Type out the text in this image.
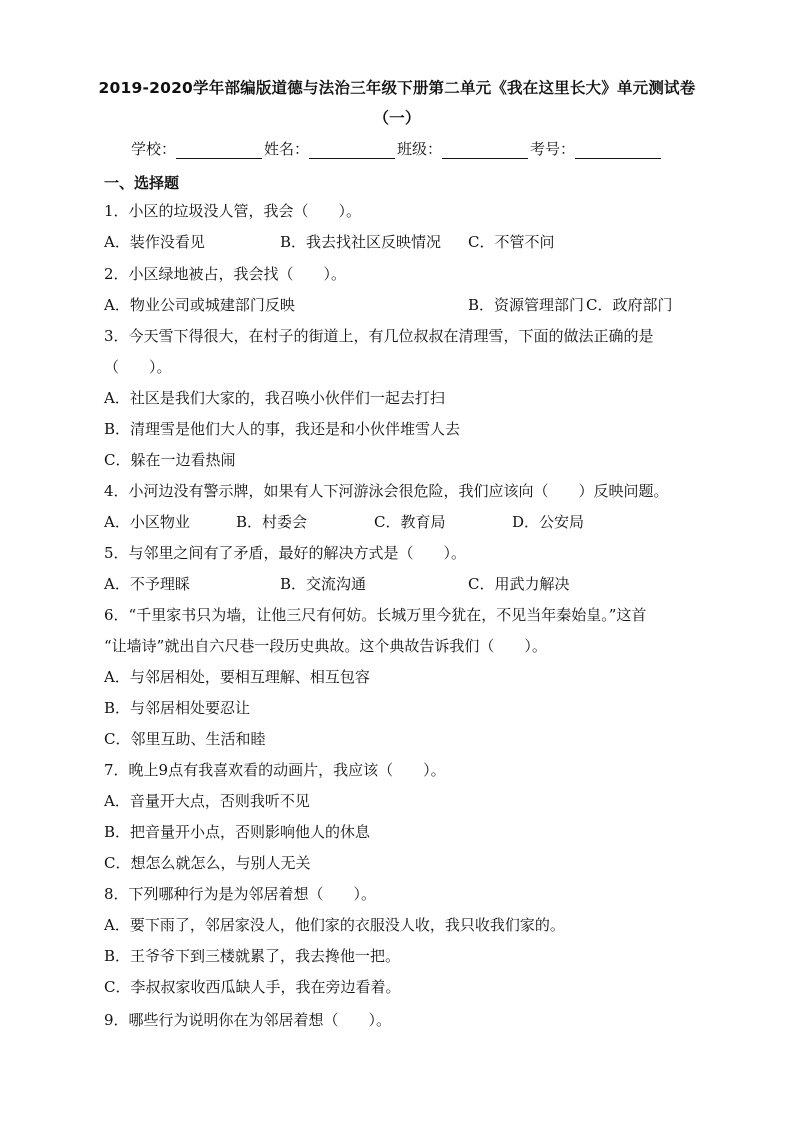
2019-2020学年部编版道德与法治三年级下册第二单元《我在这里长大》单元测试卷
（一）
学校：	姓名：	班级：	考号：
一、选择题
1．小区的垃圾没人管，我会（　　）。
A．装作没看见	B．我去找社区反映情况 C．不管不问
2．小区绿地被占，我会找（　　）。
A．物业公司或城建部门反映	B．资源管理部门 C．政府部门
3．今天雪下得很大，在村子的街道上，有几位叔叔在清理雪，下面的做法正确的是
（　　）。
A．社区是我们大家的，我召唤小伙伴们一起去打扫
B．清理雪是他们大人的事，我还是和小伙伴堆雪人去
C．躲在一边看热闹
4．小河边没有警示牌，如果有人下河游泳会很危险，我们应该向（　　）反映问题。
A．小区物业	B．村委会	C．教育局	D．公安局
5．与邻里之间有了矛盾，最好的解决方式是（　　）。
A．不予理睬	B．交流沟通	C．用武力解决
6．“千里家书只为墙，让他三尺有何妨。长城万里今犹在，不见当年秦始皇。”这首
“让墙诗”就出自六尺巷一段历史典故。这个典故告诉我们（　　）。
A．与邻居相处，要相互理解、相互包容
B．与邻居相处要忍让
C．邻里互助、生活和睦
7．晚上9点有我喜欢看的动画片，我应该（　　）。
A．音量开大点，否则我听不见
B．把音量开小点，否则影响他人的休息
C．想怎么就怎么，与别人无关
8．下列哪种行为是为邻居着想（　　）。
A．要下雨了，邻居家没人，他们家的衣服没人收，我只收我们家的。
B．王爷爷下到三楼就累了，我去搀他一把。
C．李叔叔家收西瓜缺人手，我在旁边看着。
9．哪些行为说明你在为邻居着想（　　）。
